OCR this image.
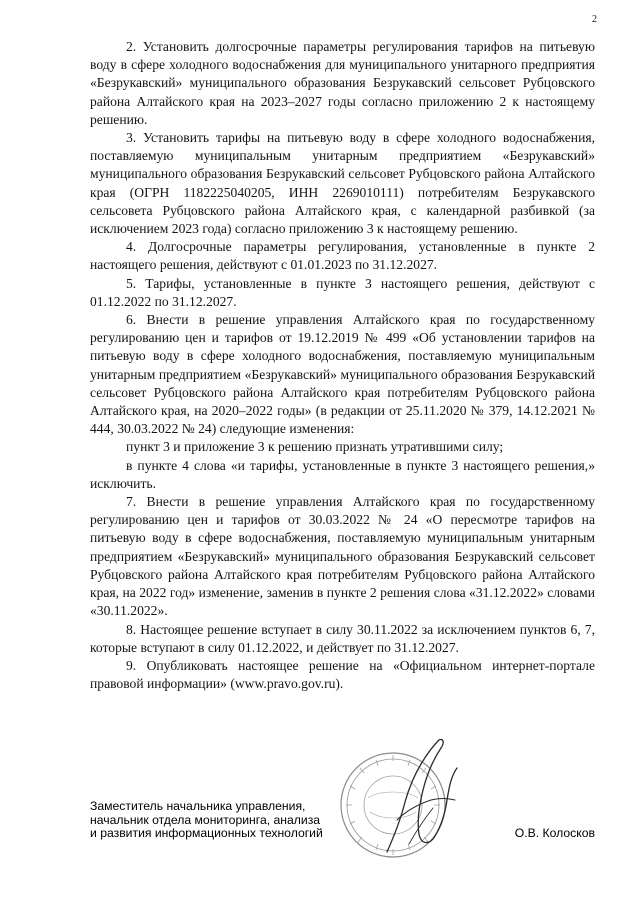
2

2. Установить долгосрочные параметры регулирования тарифов на питьевую воду в сфере холодного водоснабжения для муниципального унитарного предприятия «Безрукавский» муниципального образования Безрукавский сельсовет Рубцовского района Алтайского края на 2023–2027 годы согласно приложению 2 к настоящему решению.

3. Установить тарифы на питьевую воду в сфере холодного водоснабжения, поставляемую муниципальным унитарным предприятием «Безрукавский» муниципального образования Безрукавский сельсовет Рубцовского района Алтайского края (ОГРН 1182225040205, ИНН 2269010111) потребителям Безрукавского сельсовета Рубцовского района Алтайского края, с календарной разбивкой (за исключением 2023 года) согласно приложению 3 к настоящему решению.

4. Долгосрочные параметры регулирования, установленные в пункте 2 настоящего решения, действуют с 01.01.2023 по 31.12.2027.

5. Тарифы, установленные в пункте 3 настоящего решения, действуют с 01.12.2022 по 31.12.2027.

6. Внести в решение управления Алтайского края по государственному регулированию цен и тарифов от 19.12.2019 № 499 «Об установлении тарифов на питьевую воду в сфере холодного водоснабжения, поставляемую муниципальным унитарным предприятием «Безрукавский» муниципального образования Безрукавский сельсовет Рубцовского района Алтайского края потребителям Рубцовского района Алтайского края, на 2020–2022 годы» (в редакции от 25.11.2020 № 379, 14.12.2021 № 444, 30.03.2022 № 24) следующие изменения:

пункт 3 и приложение 3 к решению признать утратившими силу;

в пункте 4 слова «и тарифы, установленные в пункте 3 настоящего решения,» исключить.

7. Внести в решение управления Алтайского края по государственному регулированию цен и тарифов от 30.03.2022 № 24 «О пересмотре тарифов на питьевую воду в сфере водоснабжения, поставляемую муниципальным унитарным предприятием «Безрукавский» муниципального образования Безрукавский сельсовет Рубцовского района Алтайского края потребителям Рубцовского района Алтайского края, на 2022 год» изменение, заменив в пункте 2 решения слова «31.12.2022» словами «30.11.2022».

8. Настоящее решение вступает в силу 30.11.2022 за исключением пунктов 6, 7, которые вступают в силу 01.12.2022, и действует по 31.12.2027.

9. Опубликовать настоящее решение на «Официальном интернет-портале правовой информации» (www.pravo.gov.ru).

Заместитель начальника управления,
начальник отдела мониторинга, анализа
и развития информационных технологий	О.В. Колосков
